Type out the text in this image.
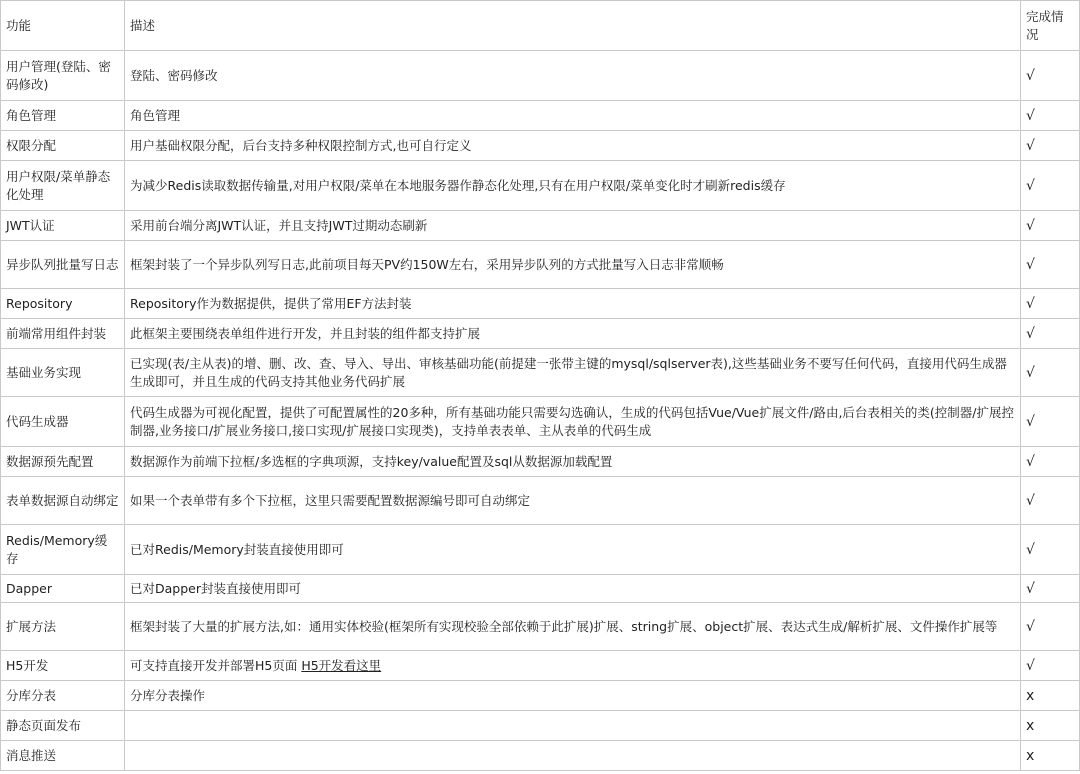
功能	描述	完成情况
用户管理(登陆、密码修改)	登陆、密码修改	√
角色管理	角色管理	√
权限分配	用户基础权限分配，后台支持多种权限控制方式,也可自行定义	√
用户权限/菜单静态化处理	为减少Redis读取数据传输量,对用户权限/菜单在本地服务器作静态化处理,只有在用户权限/菜单变化时才刷新redis缓存	√
JWT认证	采用前台端分离JWT认证，并且支持JWT过期动态刷新	√
异步队列批量写日志	框架封装了一个异步队列写日志,此前项目每天PV约150W左右，采用异步队列的方式批量写入日志非常顺畅	√
Repository	Repository作为数据提供，提供了常用EF方法封装	√
前端常用组件封装	此框架主要围绕表单组件进行开发，并且封装的组件都支持扩展	√
基础业务实现	已实现(表/主从表)的增、删、改、查、导入、导出、审核基础功能(前提建一张带主键的mysql/sqlserver表),这些基础业务不要写任何代码，直接用代码生成器生成即可，并且生成的代码支持其他业务代码扩展	√
代码生成器	代码生成器为可视化配置，提供了可配置属性的20多种，所有基础功能只需要勾选确认，生成的代码包括Vue/Vue扩展文件/路由,后台表相关的类(控制器/扩展控制器,业务接口/扩展业务接口,接口实现/扩展接口实现类)，支持单表表单、主从表单的代码生成	√
数据源预先配置	数据源作为前端下拉框/多选框的字典项源，支持key/value配置及sql从数据源加载配置	√
表单数据源自动绑定	如果一个表单带有多个下拉框，这里只需要配置数据源编号即可自动绑定	√
Redis/Memory缓存	已对Redis/Memory封装直接使用即可	√
Dapper	已对Dapper封装直接使用即可	√
扩展方法	框架封装了大量的扩展方法,如：通用实体校验(框架所有实现校验全部依赖于此扩展)扩展、string扩展、object扩展、表达式生成/解析扩展、文件操作扩展等	√
H5开发	可支持直接开发并部署H5页面 H5开发看这里	√
分库分表	分库分表操作	x
静态页面发布		x
消息推送		x
